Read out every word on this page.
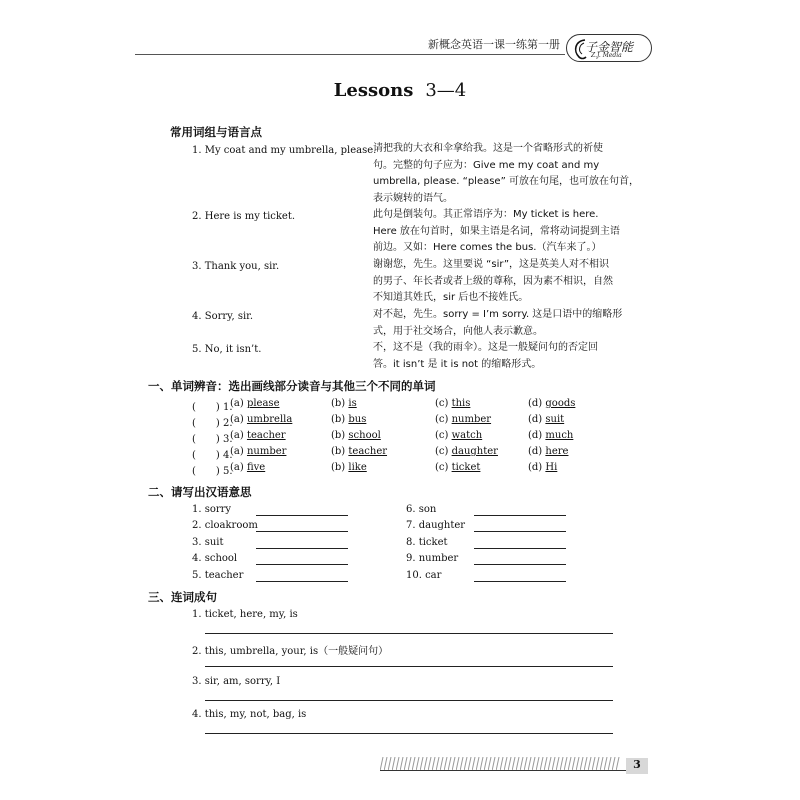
新概念英语一课一练第一册 子金智能
Z.J. Media
Lessons 3—4
常用词组与语言点
1. My coat and my umbrella, please.
请把我的大衣和伞拿给我。这是一个省略形式的祈使
句。完整的句子应为：Give me my coat and my
umbrella, please. “please” 可放在句尾，也可放在句首，
表示婉转的语气。
2. Here is my ticket.	此句是倒装句。其正常语序为：My ticket is here.
Here 放在句首时，如果主语是名词，常将动词提到主语
前边。又如：Here comes the bus.（汽车来了。）
3. Thank you, sir.	谢谢您，先生。这里要说 “sir”，这是英美人对不相识
的男子、年长者或者上级的尊称，因为素不相识，自然
不知道其姓氏，sir 后也不接姓氏。
4. Sorry, sir.	对不起，先生。sorry = I’m sorry. 这是口语中的缩略形
式，用于社交场合，向他人表示歉意。
5. No, it isn’t.	不，这不是（我的雨伞）。这是一般疑问句的否定回
答。it isn’t 是 it is not 的缩略形式。
一、单词辨音：选出画线部分读音与其他三个不同的单词
(　　) 1.
(a) please	(b) is	(c) this	(d) goods
(　　) 2.
(a) umbrella	(b) bus	(c) number	(d) suit
(　　) 3.
(a) teacher	(b) school	(c) watch	(d) much
(　　) 4.
(a) number	(b) teacher	(c) daughter	(d) here
(　　) 5.
(a) five	(b) like	(c) ticket	(d) Hi
二、请写出汉语意思
1. sorry
2. cloakroom
3. suit
4. school
5. teacher
6. son
7. daughter
8. ticket
9. number
10. car
三、连词成句
1. ticket, here, my, is
2. this, umbrella, your, is（一般疑问句）
3. sir, am, sorry, I
4. this, my, not, bag, is
3
